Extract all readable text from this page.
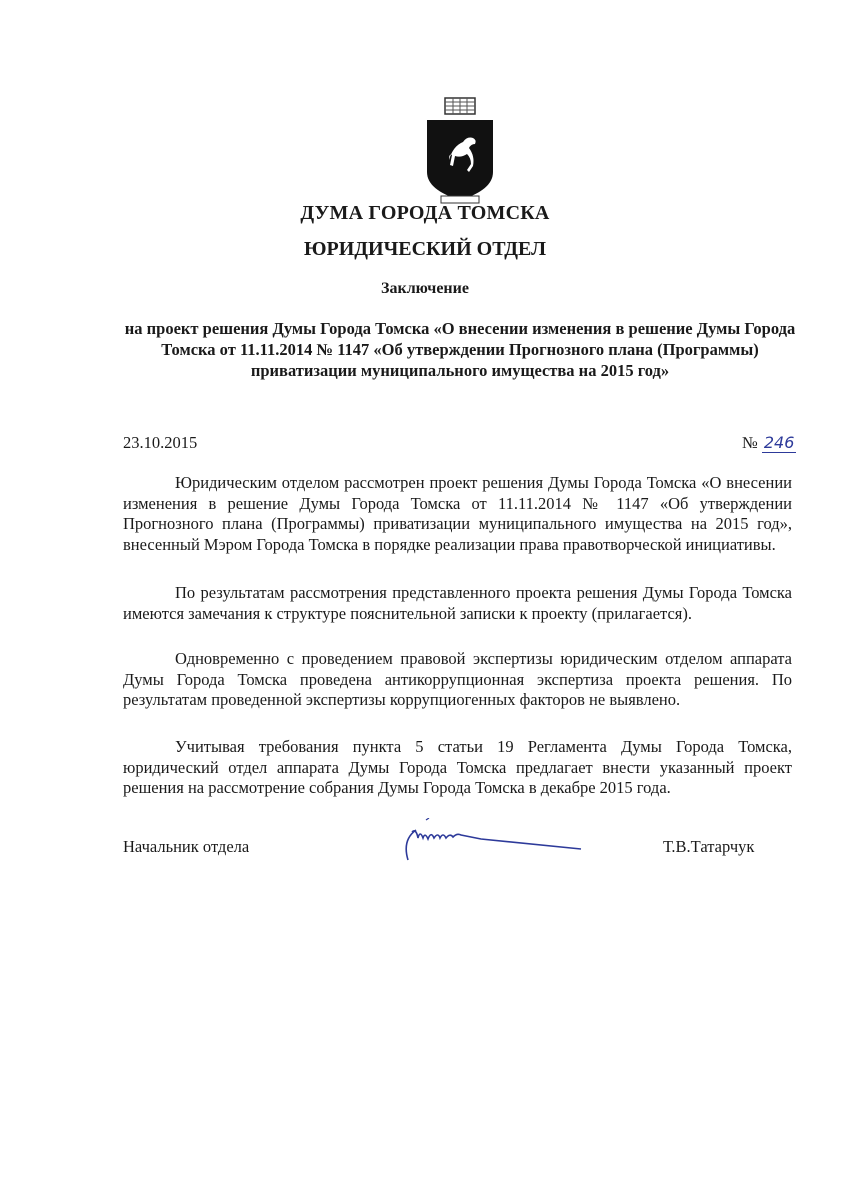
ДУМА ГОРОДА ТОМСКА
ЮРИДИЧЕСКИЙ ОТДЕЛ
Заключение
на проект решения Думы Города Томска «О внесении изменения в решение Думы Города Томска от 11.11.2014 № 1147 «Об утверждении Прогнозного плана (Программы) приватизации муниципального имущества на 2015 год»
23.10.2015	№ 246

Юридическим отделом рассмотрен проект решения Думы Города Томска «О внесении изменения в решение Думы Города Томска от 11.11.2014 № 1147 «Об утверждении Прогнозного плана (Программы) приватизации муниципального имущества на 2015 год», внесенный Мэром Города Томска в порядке реализации права правотворческой инициативы.

По результатам рассмотрения представленного проекта решения Думы Города Томска имеются замечания к структуре пояснительной записки к проекту (прилагается).

Одновременно с проведением правовой экспертизы юридическим отделом аппарата Думы Города Томска проведена антикоррупционная экспертиза проекта решения. По результатам проведенной экспертизы коррупциогенных факторов не выявлено.

Учитывая требования пункта 5 статьи 19 Регламента Думы Города Томска, юридический отдел аппарата Думы Города Томска предлагает внести указанный проект решения на рассмотрение собрания Думы Города Томска в декабре 2015 года.

Начальник отдела	Т.В.Татарчук
